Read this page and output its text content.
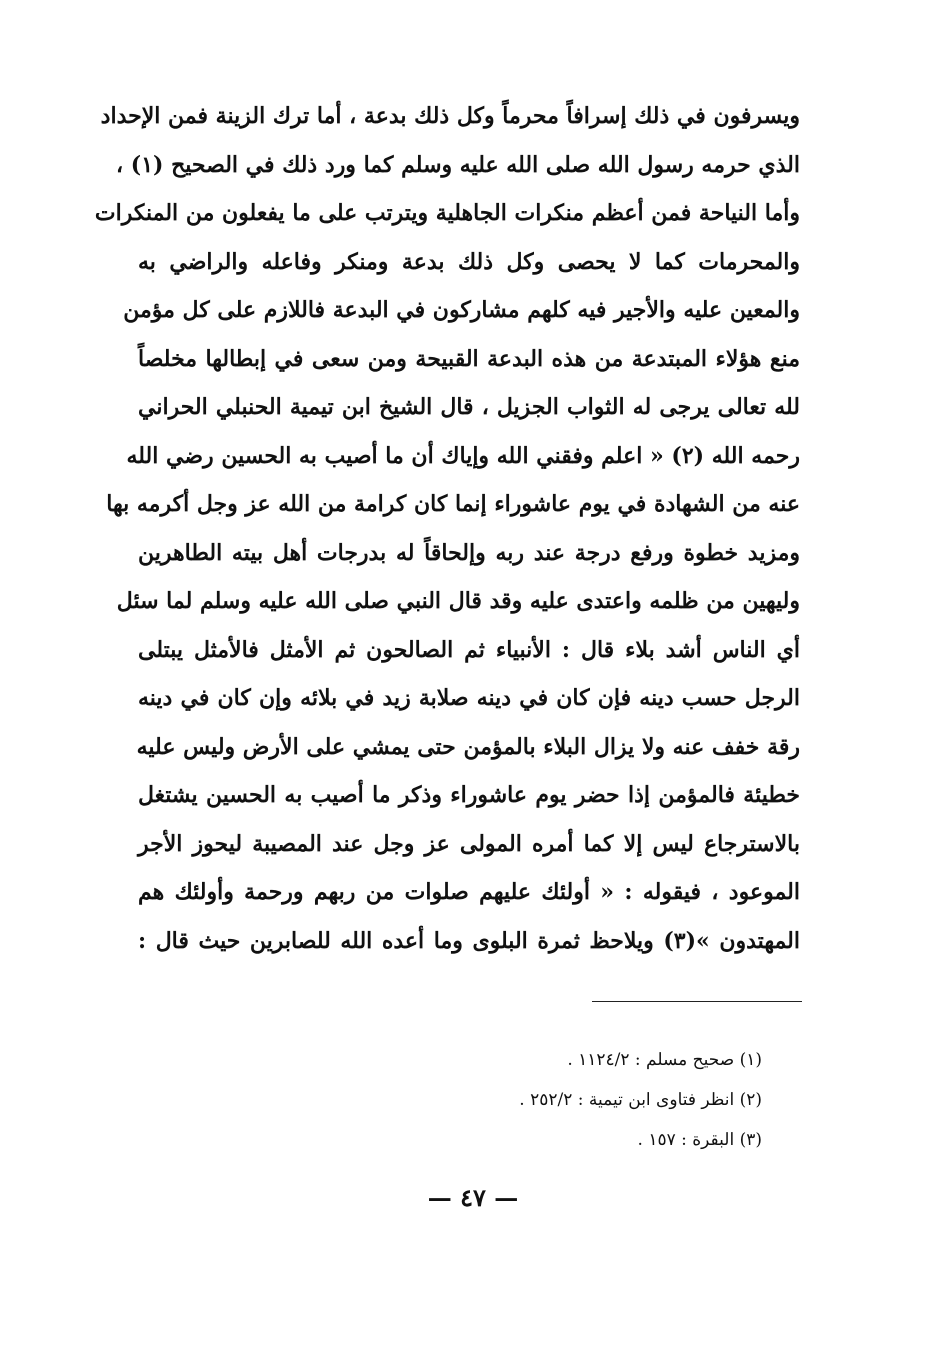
ويسرفون في ذلك إسرافاً محرماً وكل ذلك بدعة ، أما ترك الزينة فمن الإحداد
الذي حرمه رسول الله صلى الله عليه وسلم كما ورد ذلك في الصحيح (١) ،
وأما النياحة فمن أعظم منكرات الجاهلية ويترتب على ما يفعلون من المنكرات
والمحرمات كما لا يحصى وكل ذلك بدعة ومنكر وفاعله والراضي به
والمعين عليه والأجير فيه كلهم مشاركون في البدعة فاللازم على كل مؤمن
منع هؤلاء المبتدعة من هذه البدعة القبيحة ومن سعى في إبطالها مخلصاً
لله تعالى يرجى له الثواب الجزيل ، قال الشيخ ابن تيمية الحنبلي الحراني
رحمه الله (٢) « اعلم وفقني الله وإياك أن ما أصيب به الحسين رضي الله
عنه من الشهادة في يوم عاشوراء إنما كان كرامة من الله عز وجل أكرمه بها
ومزيد خطوة ورفع درجة عند ربه وإلحاقاً له بدرجات أهل بيته الطاهرين
وليهين من ظلمه واعتدى عليه وقد قال النبي صلى الله عليه وسلم لما سئل
أي الناس أشد بلاء قال : الأنبياء ثم الصالحون ثم الأمثل فالأمثل يبتلى
الرجل حسب دينه فإن كان في دينه صلابة زيد في بلائه وإن كان في دينه
رقة خفف عنه ولا يزال البلاء بالمؤمن حتى يمشي على الأرض وليس عليه
خطيئة فالمؤمن إذا حضر يوم عاشوراء وذكر ما أصيب به الحسين يشتغل
بالاسترجاع ليس إلا كما أمره المولى عز وجل عند المصيبة ليحوز الأجر
الموعود ، فيقوله : « أولئك عليهم صلوات من ربهم ورحمة وأولئك هم
المهتدون »(٣) ويلاحظ ثمرة البلوى وما أعده الله للصابرين حيث قال :
(١) صحيح مسلم : ١١٢٤/٢ .
(٢) انظر فتاوى ابن تيمية : ٢٥٢/٢ .
(٣) البقرة : ١٥٧ .
— ٤٧ —
